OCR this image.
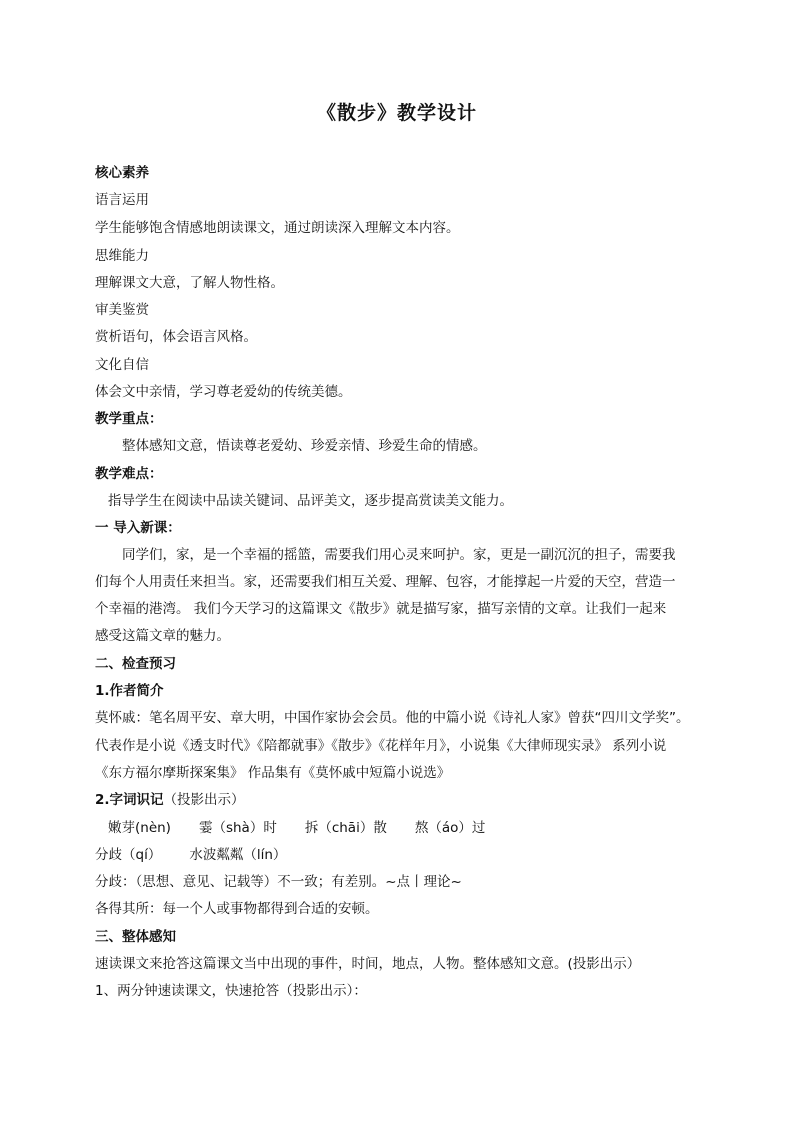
《散步》教学设计
核心素养
语言运用
学生能够饱含情感地朗读课文，通过朗读深入理解文本内容。
思维能力
理解课文大意，了解人物性格。
审美鉴赏
赏析语句，体会语言风格。
文化自信
体会文中亲情，学习尊老爱幼的传统美德。
教学重点：
整体感知文意，悟读尊老爱幼、珍爱亲情、珍爱生命的情感。
教学难点：
指导学生在阅读中品读关键词、品评美文，逐步提高赏读美文能力。
一 导入新课：
同学们，家，是一个幸福的摇篮，需要我们用心灵来呵护。家，更是一副沉沉的担子，需要我
们每个人用责任来担当。家，还需要我们相互关爱、理解、包容，才能撑起一片爱的天空，营造一
个幸福的港湾。 我们今天学习的这篇课文《散步》就是描写家，描写亲情的文章。让我们一起来
感受这篇文章的魅力。
二、检查预习
1.作者简介
莫怀戚：笔名周平安、章大明，中国作家协会会员。他的中篇小说《诗礼人家》曾获“四川文学奖”。
代表作是小说《透支时代》《陪都就事》《散步》《花样年月》，小说集《大律师现实录》 系列小说
《东方福尔摩斯探案集》 作品集有《莫怀戚中短篇小说选》
2.字词识记（投影出示）
嫩芽(nèn) 霎（shà）时 拆（chāi）散 熬（áo）过
分歧（qí） 水波粼粼（lín）
分歧：（思想、意见、记载等）不一致；有差别。~点丨理论~
各得其所：每一个人或事物都得到合适的安顿。
三、整体感知
速读课文来抢答这篇课文当中出现的事件，时间，地点，人物。整体感知文意。(投影出示）
1、两分钟速读课文，快速抢答（投影出示）：
